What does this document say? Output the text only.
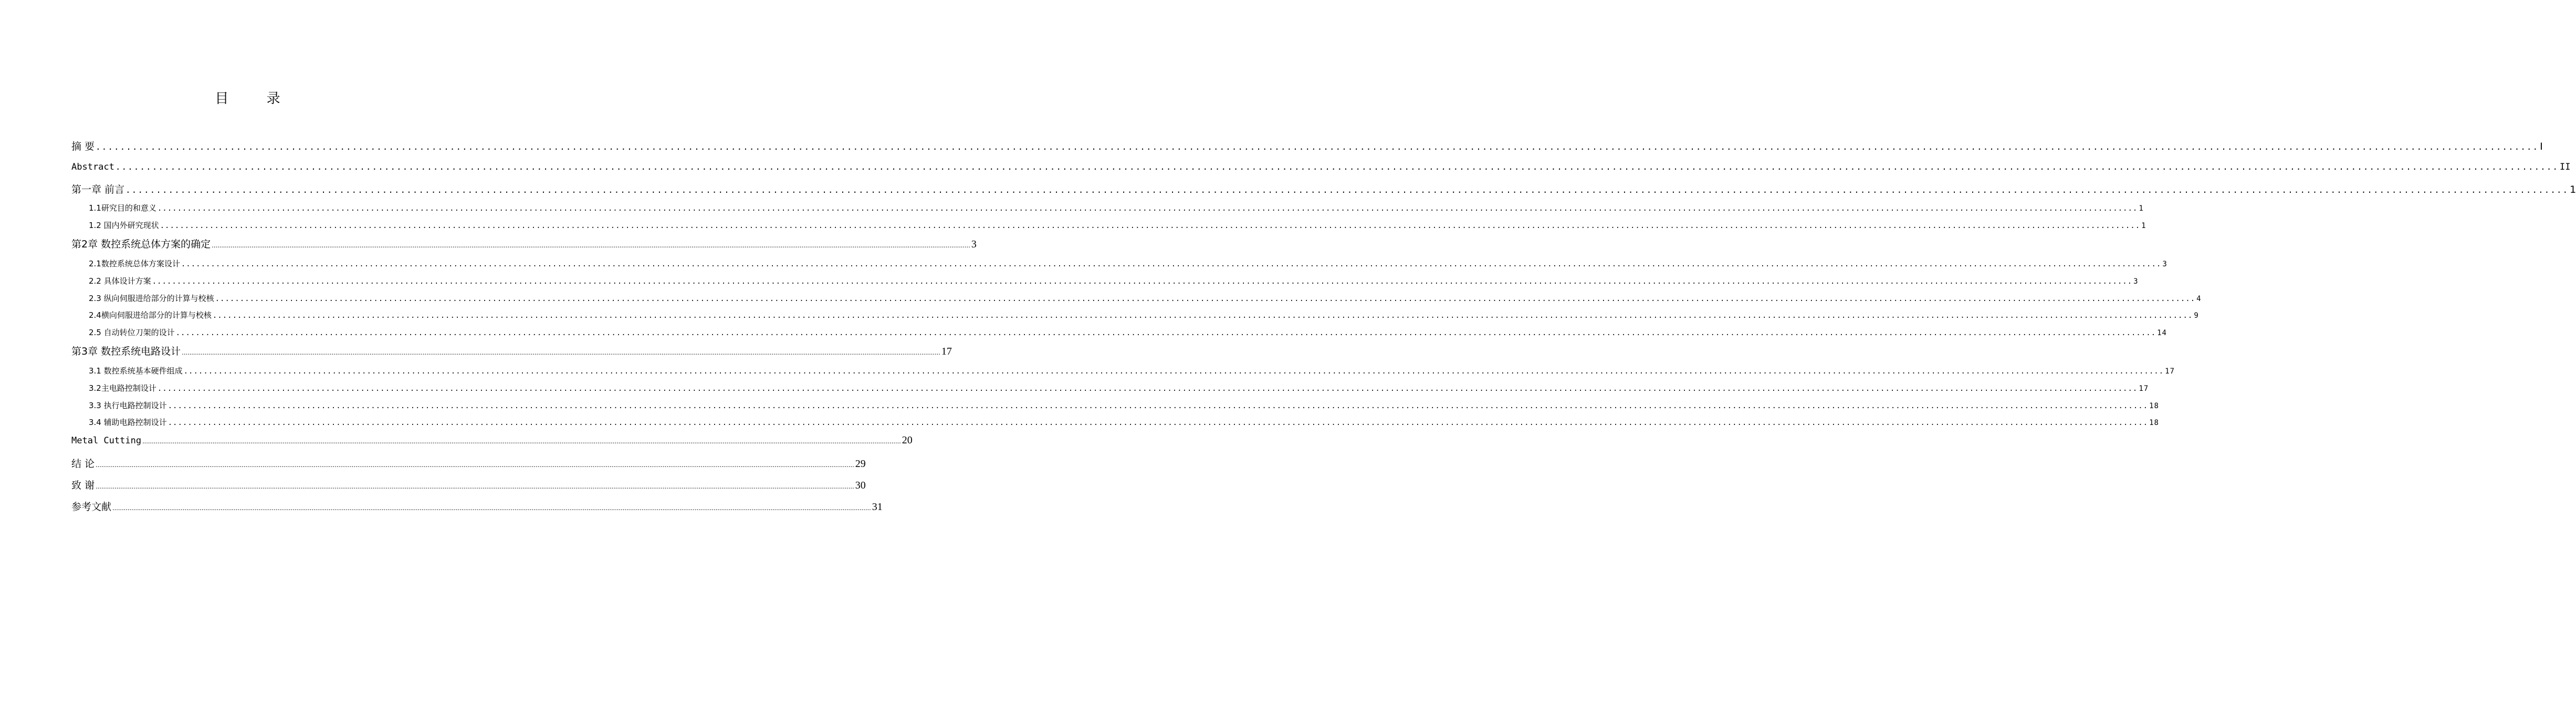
目 录
摘 要 ................................................................................................................................................................................................................................................................................................................................................................................................................ I
Abstract ................................................................................................................................................................................................................................................................................................................................................................................................................ II
第一章 前言 ................................................................................................................................................................................................................................................................................................................................................................................................................ 1
1.1研究目的和意义 ................................................................................................................................................................................................................................................................................................................................................................................................................ 1
1.2 国内外研究现状 ................................................................................................................................................................................................................................................................................................................................................................................................................ 1
第2章 数控系统总体方案的确定 ................................................................................................................................................................................................................................................................................................................................................................................................................ 3
2.1数控系统总体方案设计 ................................................................................................................................................................................................................................................................................................................................................................................................................ 3
2.2 具体设计方案 ................................................................................................................................................................................................................................................................................................................................................................................................................ 3
2.3 纵向伺服进给部分的计算与校核 ................................................................................................................................................................................................................................................................................................................................................................................................................ 4
2.4横向伺服进给部分的计算与校核 ................................................................................................................................................................................................................................................................................................................................................................................................................ 9
2.5 自动转位刀架的设计 ................................................................................................................................................................................................................................................................................................................................................................................................................ 14
第3章 数控系统电路设计 ................................................................................................................................................................................................................................................................................................................................................................................................................ 17
3.1 数控系统基本硬件组成 ................................................................................................................................................................................................................................................................................................................................................................................................................ 17
3.2主电路控制设计 ................................................................................................................................................................................................................................................................................................................................................................................................................ 17
3.3 执行电路控制设计 ................................................................................................................................................................................................................................................................................................................................................................................................................ 18
3.4 辅助电路控制设计 ................................................................................................................................................................................................................................................................................................................................................................................................................ 18
Metal Cutting ................................................................................................................................................................................................................................................................................................................................................................................................................ 20
结 论 ................................................................................................................................................................................................................................................................................................................................................................................................................ 29
致 谢 ................................................................................................................................................................................................................................................................................................................................................................................................................ 30
参考文献 ................................................................................................................................................................................................................................................................................................................................................................................................................ 31
